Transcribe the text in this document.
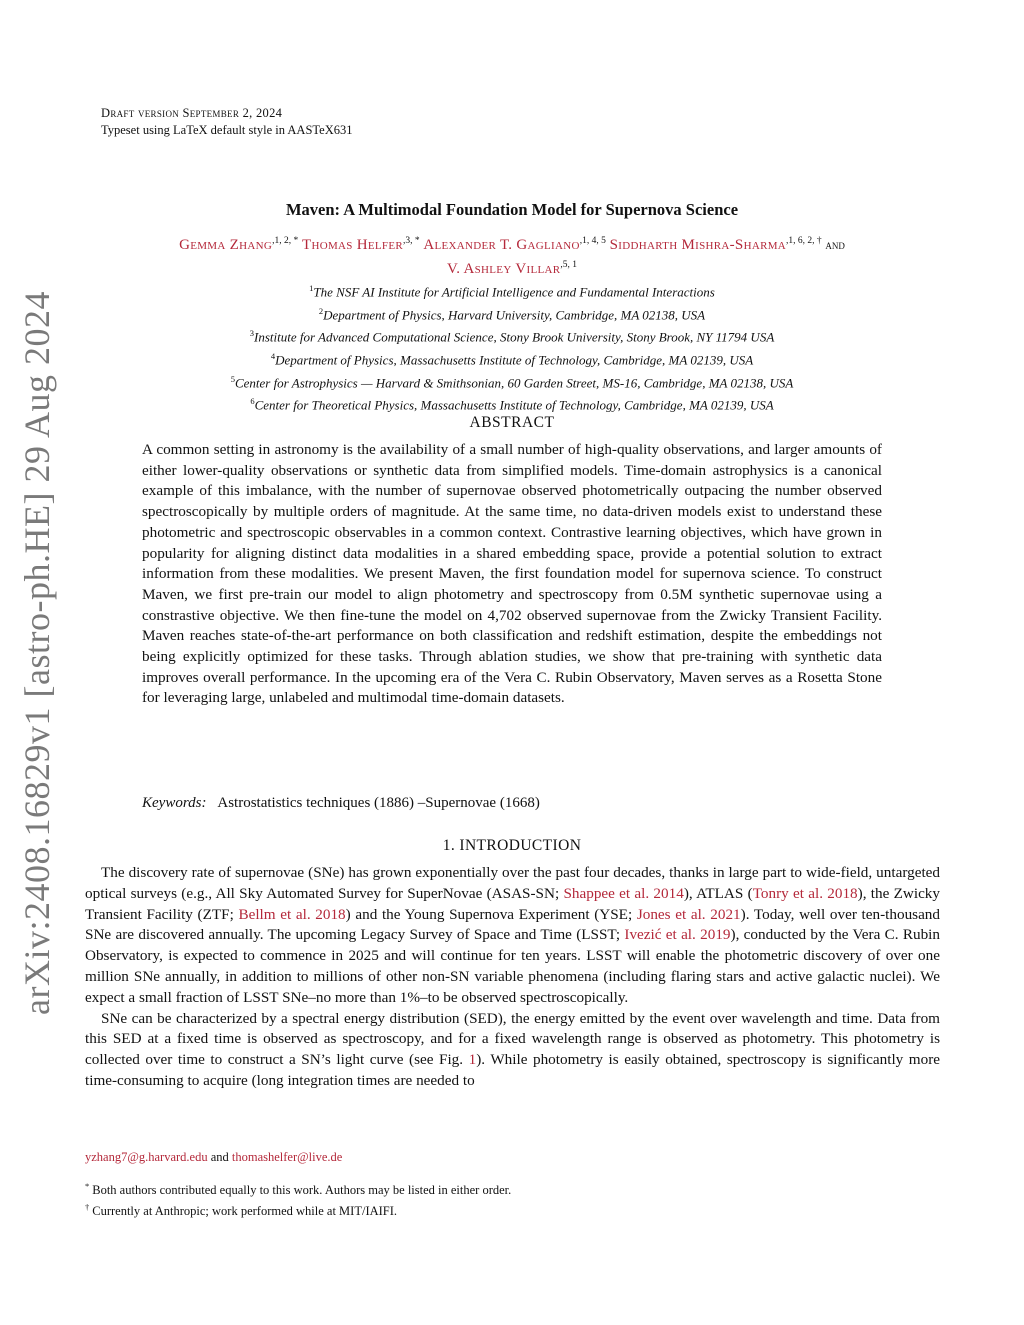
arXiv:2408.16829v1 [astro-ph.HE] 29 Aug 2024
Draft version September 2, 2024
Typeset using LaTeX default style in AASTeX631
Maven: A Multimodal Foundation Model for Supernova Science
Gemma Zhang$^{,1, 2, *}$ Thomas Helfer$^{,3, *}$ Alexander T. Gagliano$^{,1, 4, 5}$ Siddharth Mishra-Sharma$^{,1, 6, 2, \dagger}$ and
V. Ashley Villar$^{,5, 1}$
$^1$The NSF AI Institute for Artificial Intelligence and Fundamental Interactions
$^2$Department of Physics, Harvard University, Cambridge, MA 02138, USA
$^3$Institute for Advanced Computational Science, Stony Brook University, Stony Brook, NY 11794 USA
$^4$Department of Physics, Massachusetts Institute of Technology, Cambridge, MA 02139, USA
$^5$Center for Astrophysics — Harvard & Smithsonian, 60 Garden Street, MS-16, Cambridge, MA 02138, USA
$^6$Center for Theoretical Physics, Massachusetts Institute of Technology, Cambridge, MA 02139, USA
ABSTRACT
A common setting in astronomy is the availability of a small number of high-quality observations, and larger amounts of either lower-quality observations or synthetic data from simplified models. Time-domain astrophysics is a canonical example of this imbalance, with the number of supernovae observed photometrically outpacing the number observed spectroscopically by multiple orders of magnitude. At the same time, no data-driven models exist to understand these photometric and spectroscopic observables in a common context. Contrastive learning objectives, which have grown in popularity for aligning distinct data modalities in a shared embedding space, provide a potential solution to extract information from these modalities. We present Maven, the first foundation model for supernova science. To construct Maven, we first pre-train our model to align photometry and spectroscopy from 0.5M synthetic supernovae using a constrastive objective. We then fine-tune the model on 4,702 observed supernovae from the Zwicky Transient Facility. Maven reaches state-of-the-art performance on both classification and redshift estimation, despite the embeddings not being explicitly optimized for these tasks. Through ablation studies, we show that pre-training with synthetic data improves overall performance. In the upcoming era of the Vera C. Rubin Observatory, Maven serves as a Rosetta Stone for leveraging large, unlabeled and multimodal time-domain datasets.
Keywords: Astrostatistics techniques (1886) –Supernovae (1668)
1. INTRODUCTION

The discovery rate of supernovae (SNe) has grown exponentially over the past four decades, thanks in large part to wide-field, untargeted optical surveys (e.g., All Sky Automated Survey for SuperNovae (ASAS-SN; Shappee et al. 2014), ATLAS (Tonry et al. 2018), the Zwicky Transient Facility (ZTF; Bellm et al. 2018) and the Young Supernova Experiment (YSE; Jones et al. 2021). Today, well over ten-thousand SNe are discovered annually. The upcoming Legacy Survey of Space and Time (LSST; Ivezić et al. 2019), conducted by the Vera C. Rubin Observatory, is expected to commence in 2025 and will continue for ten years. LSST will enable the photometric discovery of over one million SNe annually, in addition to millions of other non-SN variable phenomena (including flaring stars and active galactic nuclei). We expect a small fraction of LSST SNe–no more than 1%–to be observed spectroscopically.

SNe can be characterized by a spectral energy distribution (SED), the energy emitted by the event over wavelength and time. Data from this SED at a fixed time is observed as spectroscopy, and for a fixed wavelength range is observed as photometry. This photometry is collected over time to construct a SN’s light curve (see Fig. 1). While photometry is easily obtained, spectroscopy is significantly more time-consuming to acquire (long integration times are needed to

yzhang7@g.harvard.edu and thomashelfer@live.de
* Both authors contributed equally to this work. Authors may be listed in either order.
† Currently at Anthropic; work performed while at MIT/IAIFI.
